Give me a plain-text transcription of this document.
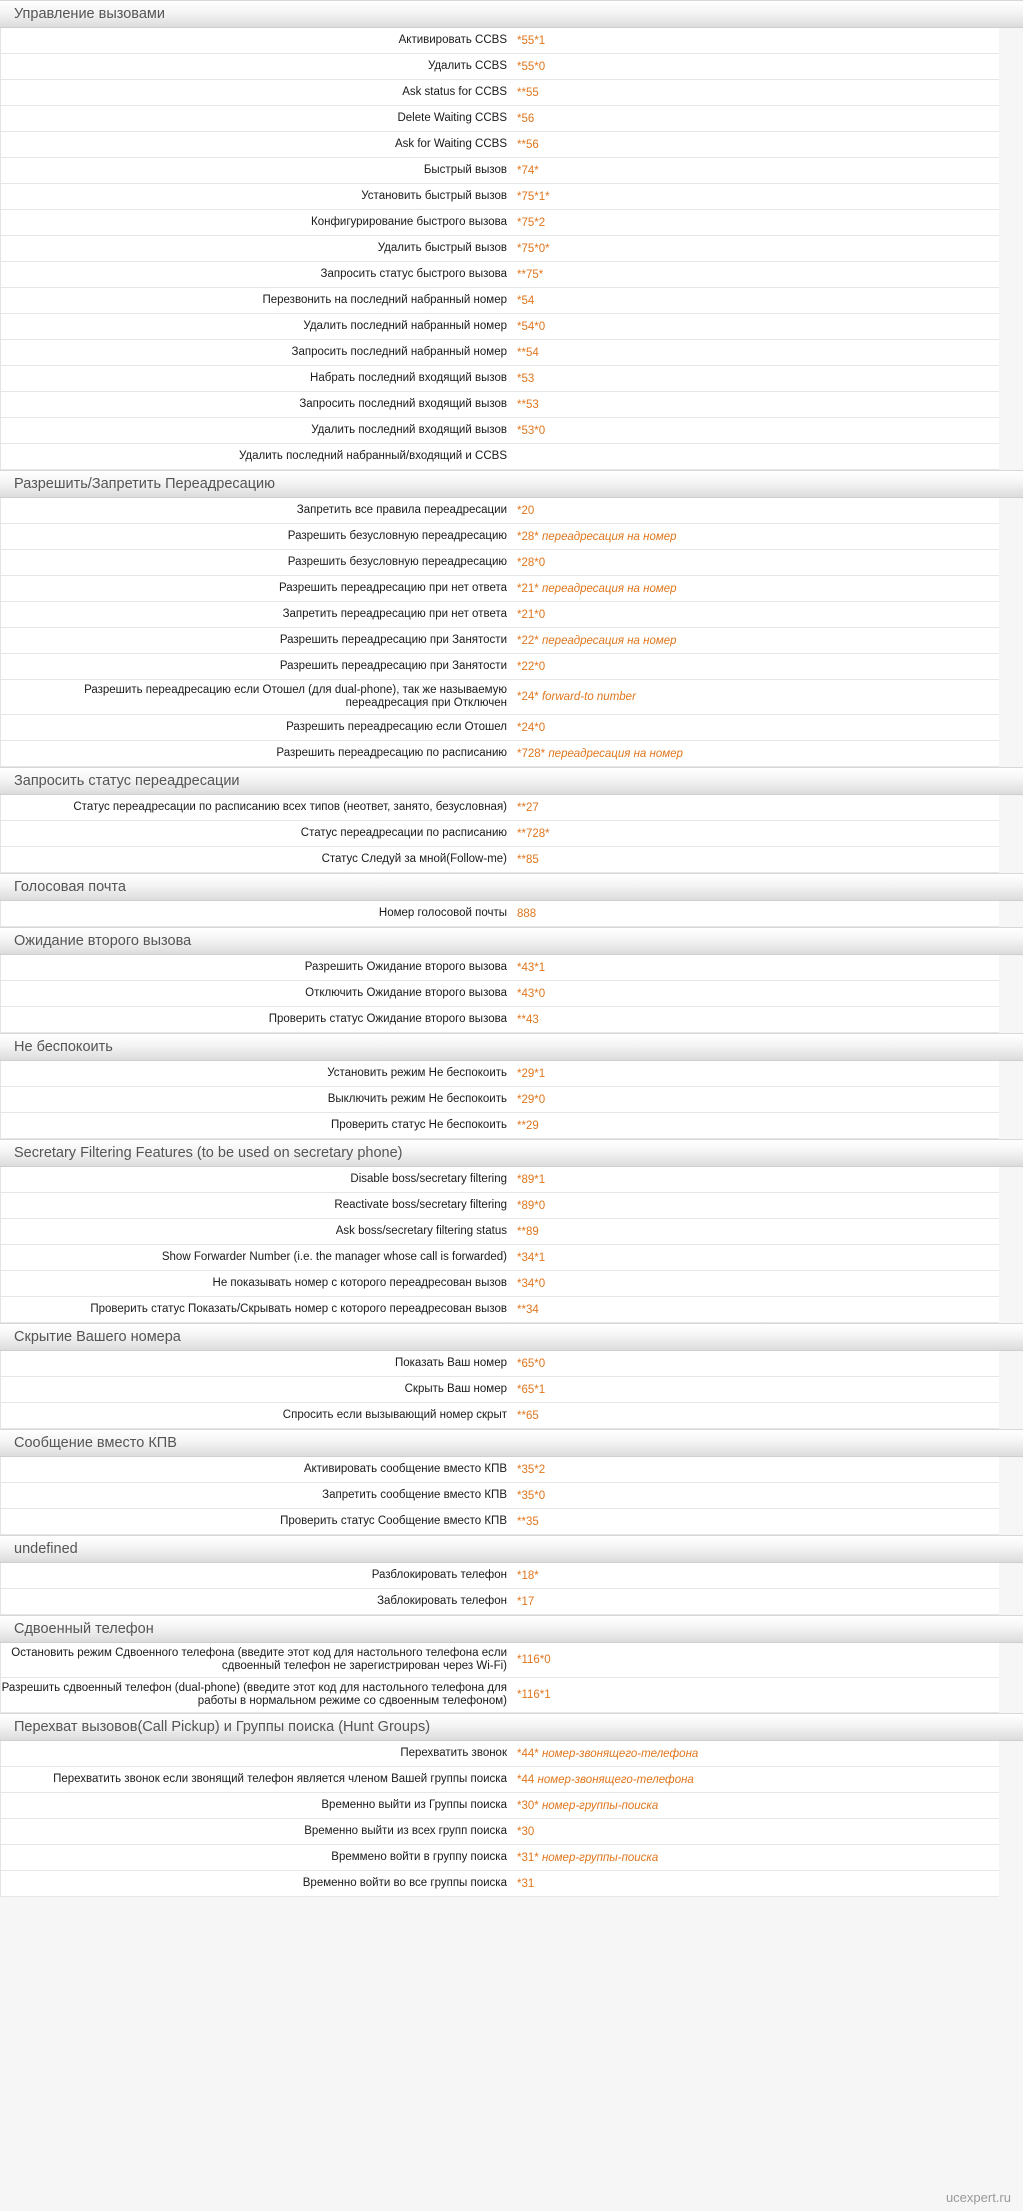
Управление вызовами
Активировать CCBS *55*1
Удалить CCBS *55*0
Ask status for CCBS **55
Delete Waiting CCBS *56
Ask for Waiting CCBS **56
Быстрый вызов *74*
Установить быстрый вызов *75*1*
Конфигурирование быстрого вызова *75*2
Удалить быстрый вызов *75*0*
Запросить статус быстрого вызова **75*
Перезвонить на последний набранный номер *54
Удалить последний набранный номер *54*0
Запросить последний набранный номер **54
Набрать последний входящий вызов *53
Запросить последний входящий вызов **53
Удалить последний входящий вызов *53*0
Удалить последний набранный/входящий и CCBS
Разрешить/Запретить Переадресацию
Запретить все правила переадресации *20
Разрешить безусловную переадресацию *28* переадресация на номер
Разрешить безусловную переадресацию *28*0
Разрешить переадресацию при нет ответа *21* переадресация на номер
Запретить переадресацию при нет ответа *21*0
Разрешить переадресацию при Занятости *22* переадресация на номер
Разрешить переадресацию при Занятости *22*0
Разрешить переадресацию если Отошел (для dual-phone), так же называемую переадресация при Отключен *24* forward-to number
Разрешить переадресацию если Отошел *24*0
Разрешить переадресацию по расписанию *728* переадресация на номер
Запросить статус переадресации
Статус переадресации по расписанию всех типов (неответ, занято, безусловная) **27
Статус переадресации по расписанию **728*
Статус Следуй за мной(Follow-me) **85
Голосовая почта
Номер голосовой почты 888
Ожидание второго вызова
Разрешить Ожидание второго вызова *43*1
Отключить Ожидание второго вызова *43*0
Проверить статус Ожидание второго вызова **43
Не беспокоить
Установить режим Не беспокоить *29*1
Выключить режим Не беспокоить *29*0
Проверить статус Не беспокоить **29
Secretary Filtering Features (to be used on secretary phone)
Disable boss/secretary filtering *89*1
Reactivate boss/secretary filtering *89*0
Ask boss/secretary filtering status **89
Show Forwarder Number (i.e. the manager whose call is forwarded) *34*1
Не показывать номер с которого переадресован вызов *34*0
Проверить статус Показать/Скрывать номер с которого переадресован вызов **34
Скрытие Вашего номера
Показать Ваш номер *65*0
Скрыть Ваш номер *65*1
Спросить если вызывающий номер скрыт **65
Сообщение вместо КПВ
Активировать сообщение вместо КПВ *35*2
Запретить сообщение вместо КПВ *35*0
Проверить статус Сообщение вместо КПВ **35
undefined
Разблокировать телефон *18*
Заблокировать телефон *17
Сдвоенный телефон
Остановить режим Сдвоенного телефона (введите этот код для настольного телефона если сдвоенный телефон не зарегистрирован через Wi-Fi) *116*0
Разрешить сдвоенный телефон (dual-phone) (введите этот код для настольного телефона для работы в нормальном режиме со сдвоенным телефоном) *116*1
Перехват вызовов(Call Pickup) и Группы поиска (Hunt Groups)
Перехватить звонок *44* номер-звонящего-телефона
Перехватить звонок если звонящий телефон является членом Вашей группы поиска *44 номер-звонящего-телефона
Временно выйти из Группы поиска *30* номер-группы-поиска
Временно выйти из всех групп поиска *30
Времмено войти в группу поиска *31* номер-группы-поиска
Временно войти во все группы поиска *31
ucexpert.ru
